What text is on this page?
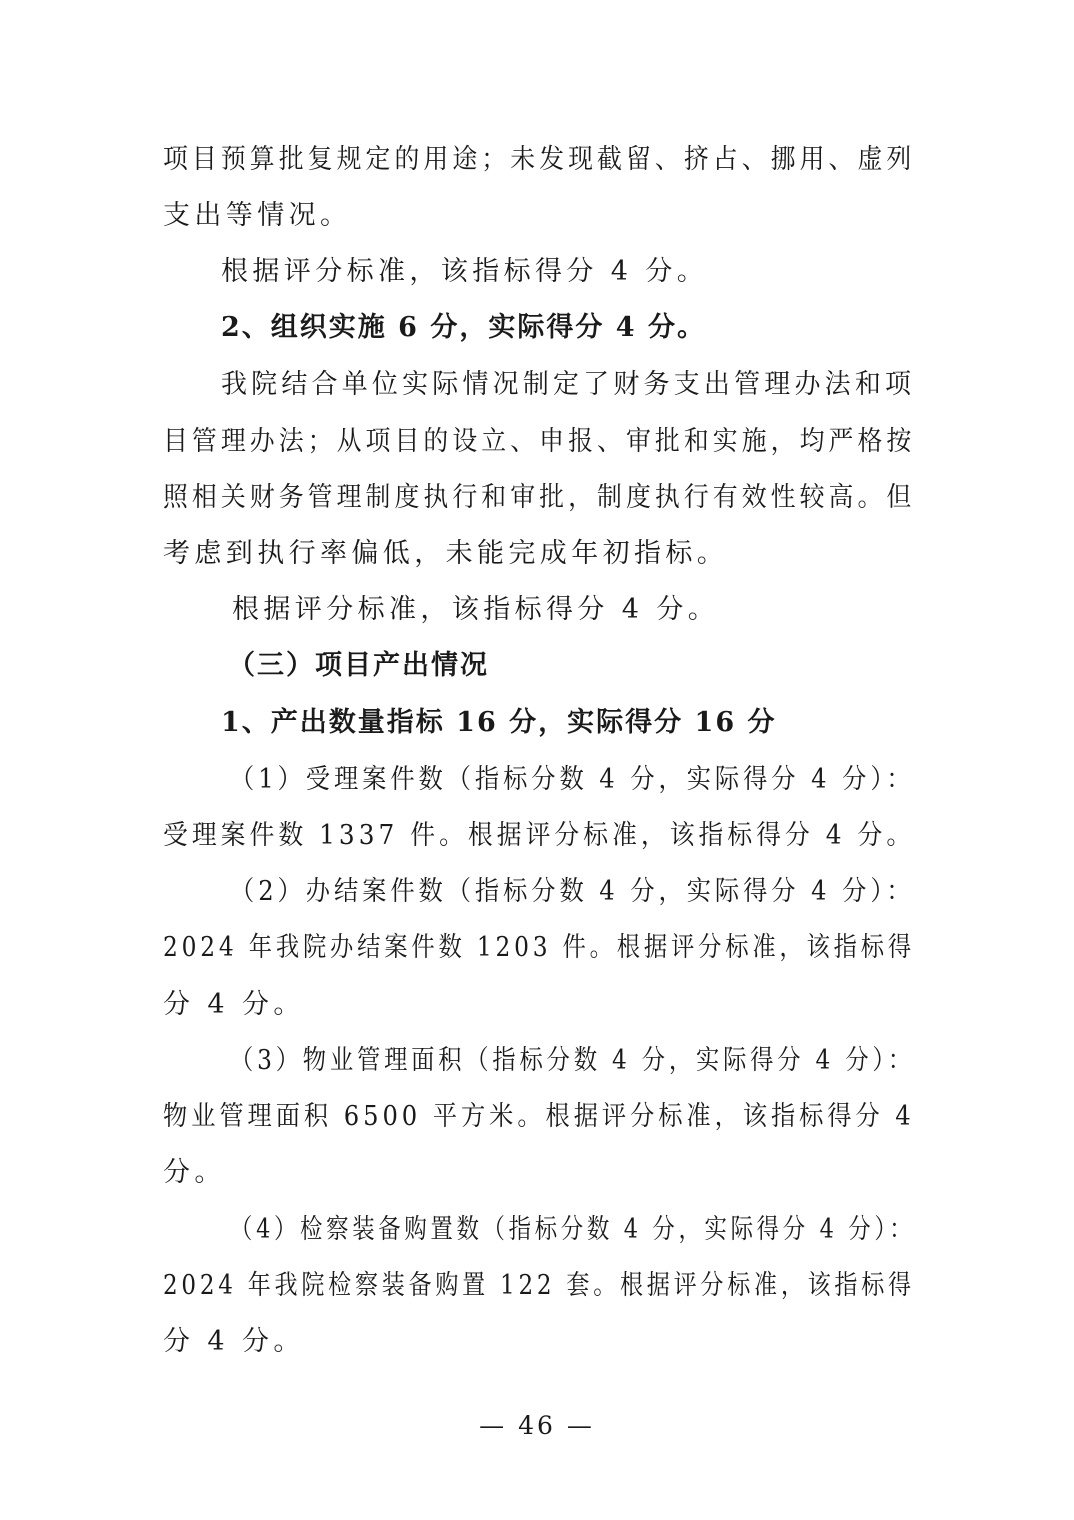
项目预算批复规定的用途；未发现截留、挤占、挪用、虚列
支出等情况。
根据评分标准，该指标得分 4 分。
2、组织实施 6 分，实际得分 4 分。
我院结合单位实际情况制定了财务支出管理办法和项
目管理办法；从项目的设立、申报、审批和实施，均严格按
照相关财务管理制度执行和审批，制度执行有效性较高。但
考虑到执行率偏低，未能完成年初指标。
根据评分标准，该指标得分 4 分。
（三）项目产出情况
1、产出数量指标 16 分，实际得分 16 分
（1）受理案件数（指标分数 4 分，实际得分 4 分）：
受理案件数 1337 件。根据评分标准，该指标得分 4 分。
（2）办结案件数（指标分数 4 分，实际得分 4 分）：
2024 年我院办结案件数 1203 件。根据评分标准，该指标得
分 4 分。
（3）物业管理面积（指标分数 4 分，实际得分 4 分）：
物业管理面积 6500 平方米。根据评分标准，该指标得分 4
分。
（4）检察装备购置数（指标分数 4 分，实际得分 4 分）：
2024 年我院检察装备购置 122 套。根据评分标准，该指标得
分 4 分。
— 46 —
